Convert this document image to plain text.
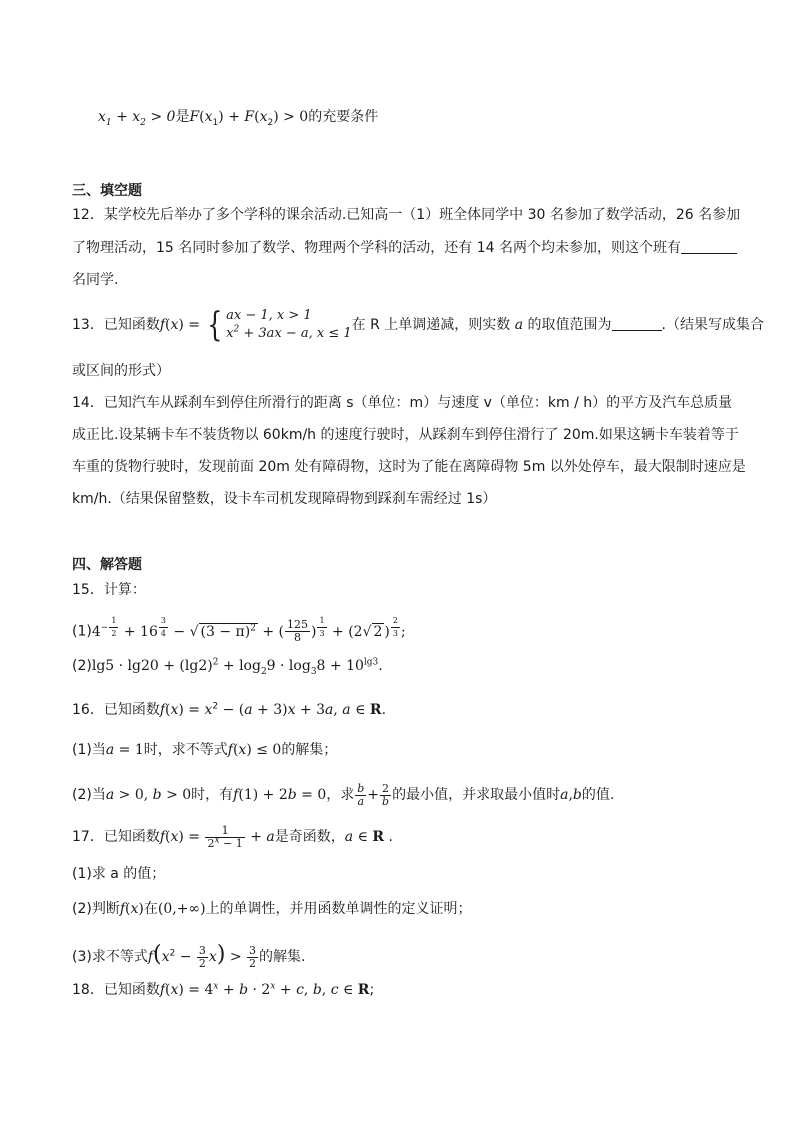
$x_1 + x_2 > 0$是$F(x_1) + F(x_2) > 0$的充要条件
三、填空题
12．某学校先后举办了多个学科的课余活动.已知高一（1）班全体同学中 30 名参加了数学活动，26 名参加
了物理活动，15 名同时参加了数学、物理两个学科的活动，还有 14 名两个均未参加，则这个班有
名同学.
13．已知函数f(x) = { ax − 1, x > 1
$x^2 + 3ax - a$, x ≤ 1
在 R 上单调递减，则实数 a 的取值范围为	.（结果写成集合
或区间的形式）
14．已知汽车从踩刹车到停住所滑行的距离 s（单位：m）与速度 v（单位：km / h）的平方及汽车总质量
成正比.设某辆卡车不装货物以 60km/h 的速度行驶时，从踩刹车到停住滑行了 20m.如果这辆卡车装着等于
车重的货物行驶时，发现前面 20m 处有障碍物，这时为了能在离障碍物 5m 以外处停车，最大限制时速应是
km/h.（结果保留整数，设卡车司机发现障碍物到踩刹车需经过 1s）
四、解答题
15．计算：
$(1)4^{- \frac{1}{2}} + 16$ $^{\frac{3}{4}}$ − √ $(3 - \pi)^2$ + ( $\frac{125}{8}$ ) $^{\frac{1}{3}}$ + (2√ 2 ) $^{\frac{2}{3}}$ ;
$(2)\lg 5 \cdot \lg 20 + (\lg 2)^2 + \log_29 \cdot \log_38 + 10^{lg3}$.
16．已知函数$f(x) = x^2 - (a + 3)x + 3a$, a ∈ R.
(1)当a = 1时，求不等式f(x) ≤ 0的解集；
(2)当a > 0, b > 0时，有f(1) + 2b = 0，求 $\frac{b}{a} + \frac{2}{b}$ 的最小值，并求取最小值时a,b的值.
17．已知函数$f(x) = \frac{1}{2^x - 1} + a$是奇函数，a ∈ R .
(1)求 a 的值；
(2)判断f(x)在(0,+∞)上的单调性，并用函数单调性的定义证明；
(3)求不等式$f(x^2 - \frac{3}{2} x) > \frac{3}{2}$ 的解集.
18．已知函数$f(x) = 4^x + b \cdot 2^x + c$, b, c ∈ R;
